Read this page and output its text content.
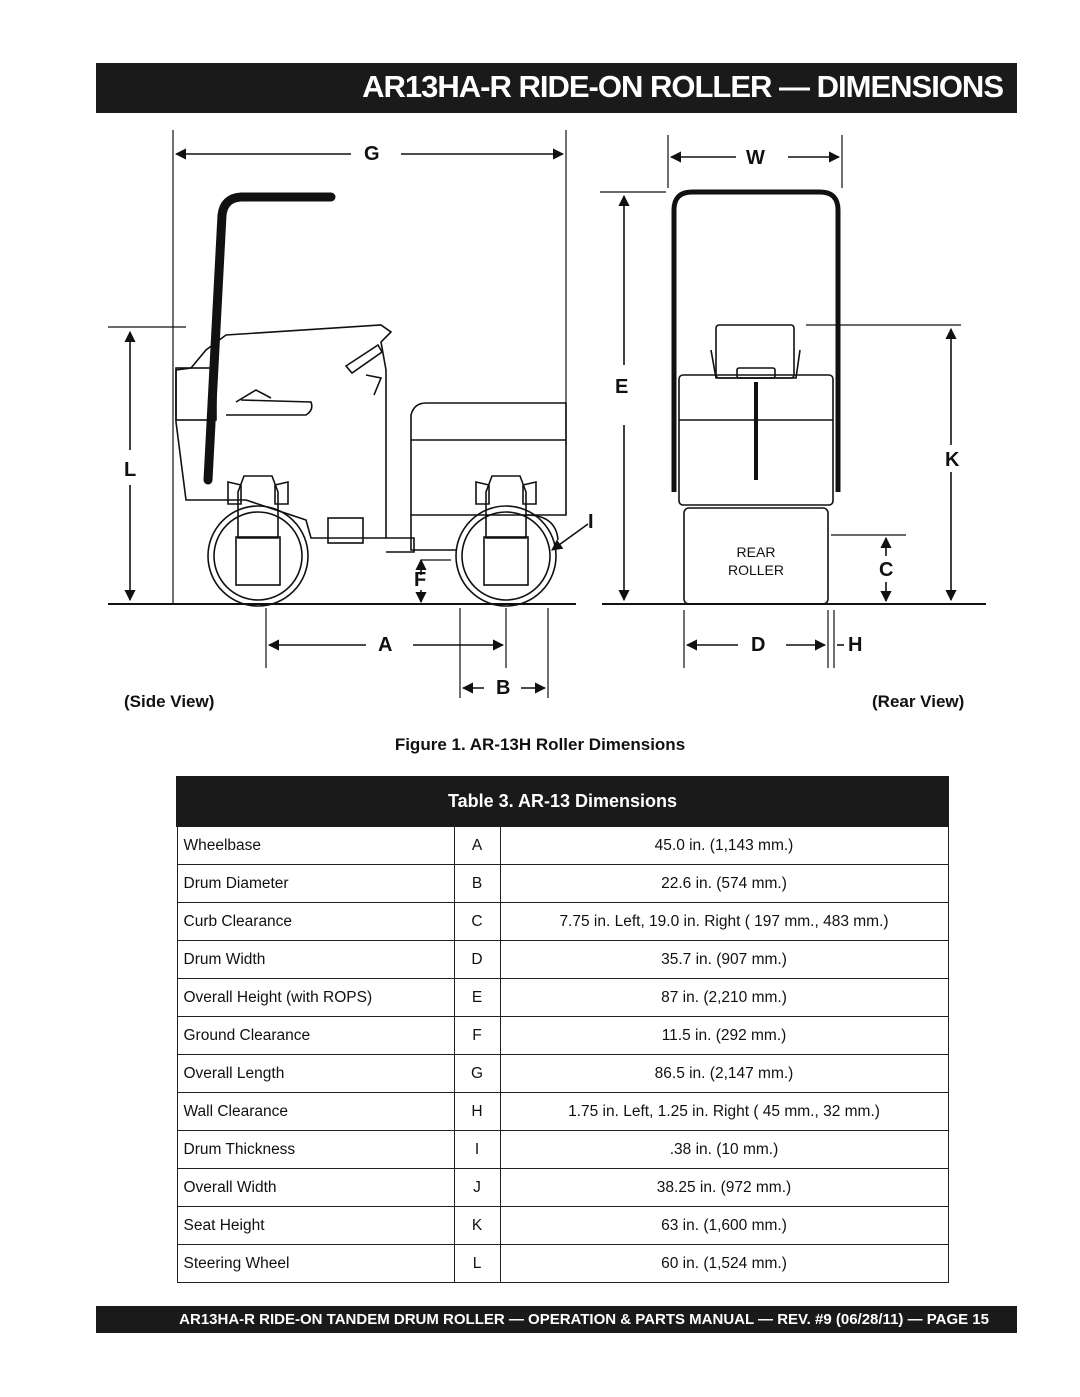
AR13HA-R RIDE-ON ROLLER — DIMENSIONS
G
L
F
A
B
I
W
E
K
C
D	H
REAR
ROLLER
(Side View)	(Rear View)
Figure 1. AR-13H Roller Dimensions
Table 3. AR-13 Dimensions		
Wheelbase	A	45.0 in. (1,143 mm.)
Drum Diameter	B	22.6 in. (574 mm.)
Curb Clearance	C	7.75 in. Left, 19.0 in. Right ( 197 mm., 483 mm.)
Drum Width	D	35.7 in. (907 mm.)
Overall Height (with ROPS)	E	87 in. (2,210 mm.)
Ground Clearance	F	11.5 in. (292 mm.)
Overall Length	G	86.5 in. (2,147 mm.)
Wall Clearance	H	1.75 in. Left, 1.25 in. Right ( 45 mm., 32 mm.)
Drum Thickness	I	.38 in. (10 mm.)
Overall Width	J	38.25 in. (972 mm.)
Seat Height	K	63 in. (1,600 mm.)
Steering Wheel	L	60 in. (1,524 mm.)
AR13HA-R RIDE-ON TANDEM DRUM ROLLER — OPERATION & PARTS MANUAL — REV. #9 (06/28/11) — PAGE 15
